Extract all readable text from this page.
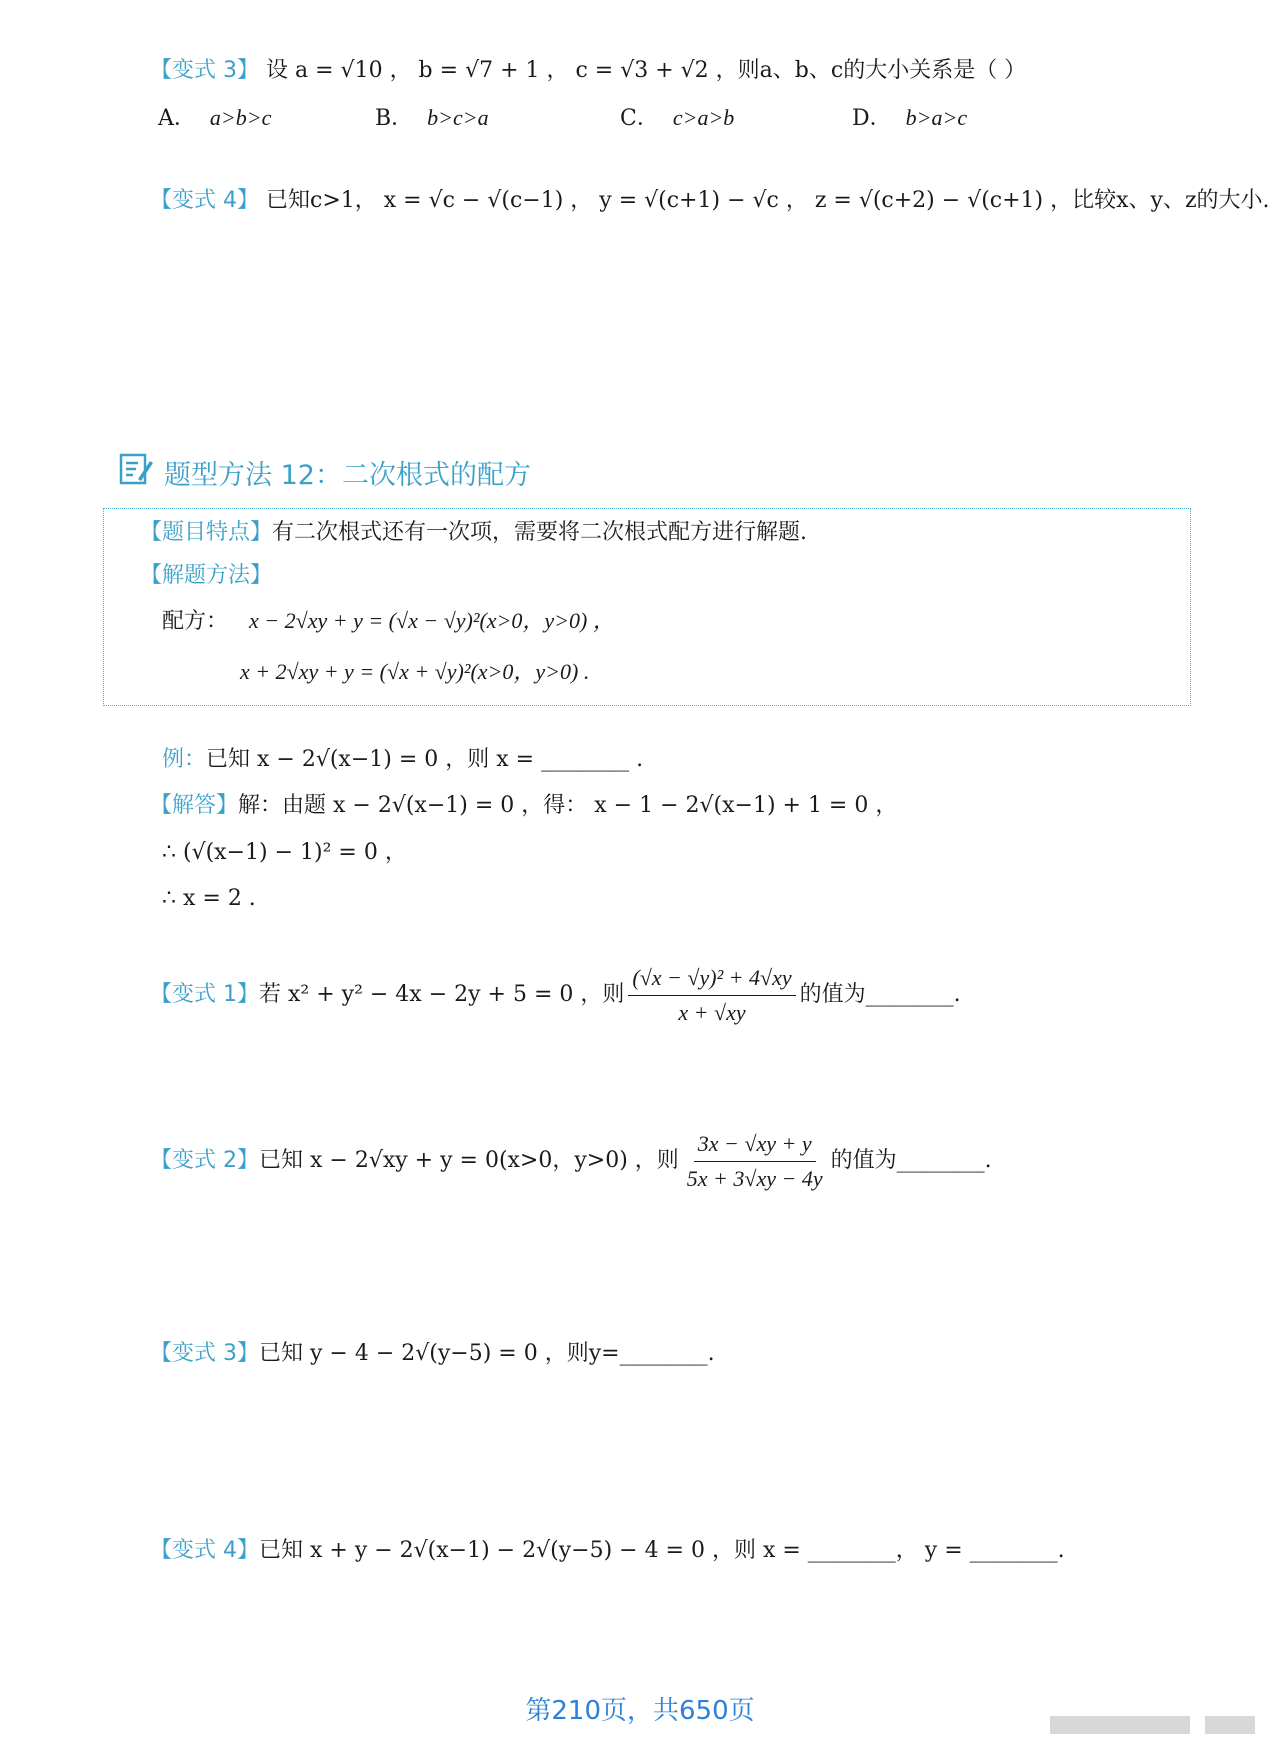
【变式 3】 设 a = √10 ， b = √7 + 1 ， c = √3 + √2 ，则a、b、c的大小关系是（ ）
A． a>b>c	B． b>c>a	C． c>a>b	D． b>a>c
【变式 4】 已知c>1， x = √c − √(c−1) ， y = √(c+1) − √c ， z = √(c+2) − √(c+1) ，比较x、y、z的大小.
题型方法 12：二次根式的配方
【题目特点】有二次根式还有一次项，需要将二次根式配方进行解题.
【解题方法】
配方： x − 2√xy + y = (√x − √y)²(x>0，y>0) ，
x + 2√xy + y = (√x + √y)²(x>0，y>0) .
例：已知 x − 2√(x−1) = 0 ，则 x = ________ .
【解答】解：由题 x − 2√(x−1) = 0 ，得： x − 1 − 2√(x−1) + 1 = 0 ，
∴ (√(x−1) − 1)² = 0 ，
∴ x = 2 .
【变式 1】 若 x² + y² − 4x − 2y + 5 = 0 ，则 $\frac{\text{(√x − √y)² + 4√xy}}{x + √xy}$ 的值为________.
【变式 2】 已知 x − 2√xy + y = 0(x>0，y>0) ，则 $\frac{3x - √xy + y}{5x + 3√xy - 4y}$ 的值为________.
【变式 3】已知 y − 4 − 2√(y−5) = 0 ，则y=________.
【变式 4】已知 x + y − 2√(x−1) − 2√(y−5) − 4 = 0 ，则 x = ________， y = ________.
第210页，共650页
